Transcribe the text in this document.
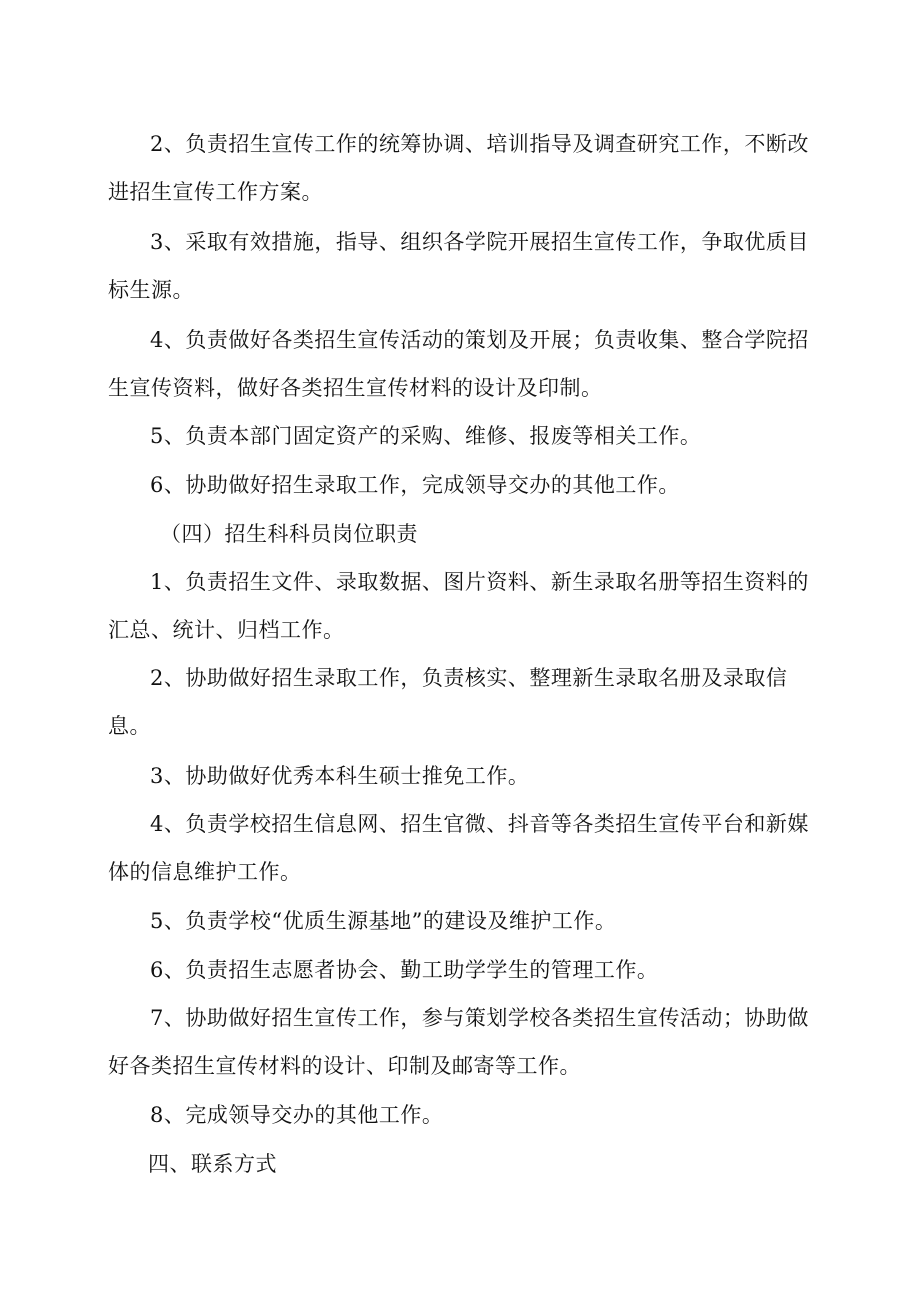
2、负责招生宣传工作的统筹协调、培训指导及调查研究工作，不断改进招生宣传工作方案。

3、采取有效措施，指导、组织各学院开展招生宣传工作，争取优质目标生源。

4、负责做好各类招生宣传活动的策划及开展；负责收集、整合学院招生宣传资料，做好各类招生宣传材料的设计及印制。

5、负责本部门固定资产的采购、维修、报废等相关工作。

6、协助做好招生录取工作，完成领导交办的其他工作。

（四）招生科科员岗位职责

1、负责招生文件、录取数据、图片资料、新生录取名册等招生资料的汇总、统计、归档工作。

2、协助做好招生录取工作，负责核实、整理新生录取名册及录取信息。

3、协助做好优秀本科生硕士推免工作。

4、负责学校招生信息网、招生官微、抖音等各类招生宣传平台和新媒体的信息维护工作。

5、负责学校“优质生源基地”的建设及维护工作。

6、负责招生志愿者协会、勤工助学学生的管理工作。

7、协助做好招生宣传工作，参与策划学校各类招生宣传活动；协助做好各类招生宣传材料的设计、印制及邮寄等工作。

8、完成领导交办的其他工作。

四、联系方式
